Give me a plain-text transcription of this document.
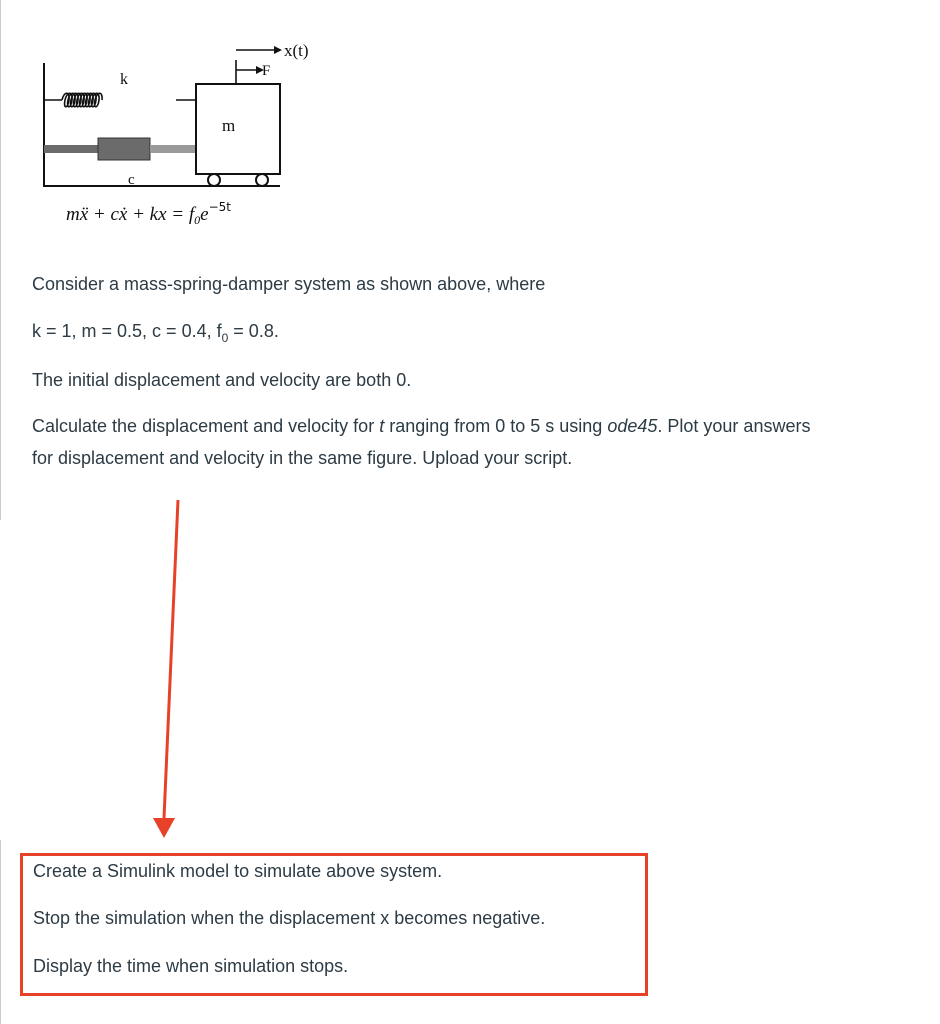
k
c
m
F
x(t)
mẍ + cẋ + kx = $f_0e^{-5t}$
Consider a mass-spring-damper system as shown above, where
k = 1, m = 0.5, c = 0.4, $f_0 = 0.8$.
The initial displacement and velocity are both 0.
Calculate the displacement and velocity for t ranging from 0 to 5 s using ode45. Plot your answers
for displacement and velocity in the same figure. Upload your script.
Create a Simulink model to simulate above system.
Stop the simulation when the displacement x becomes negative.
Display the time when simulation stops.
